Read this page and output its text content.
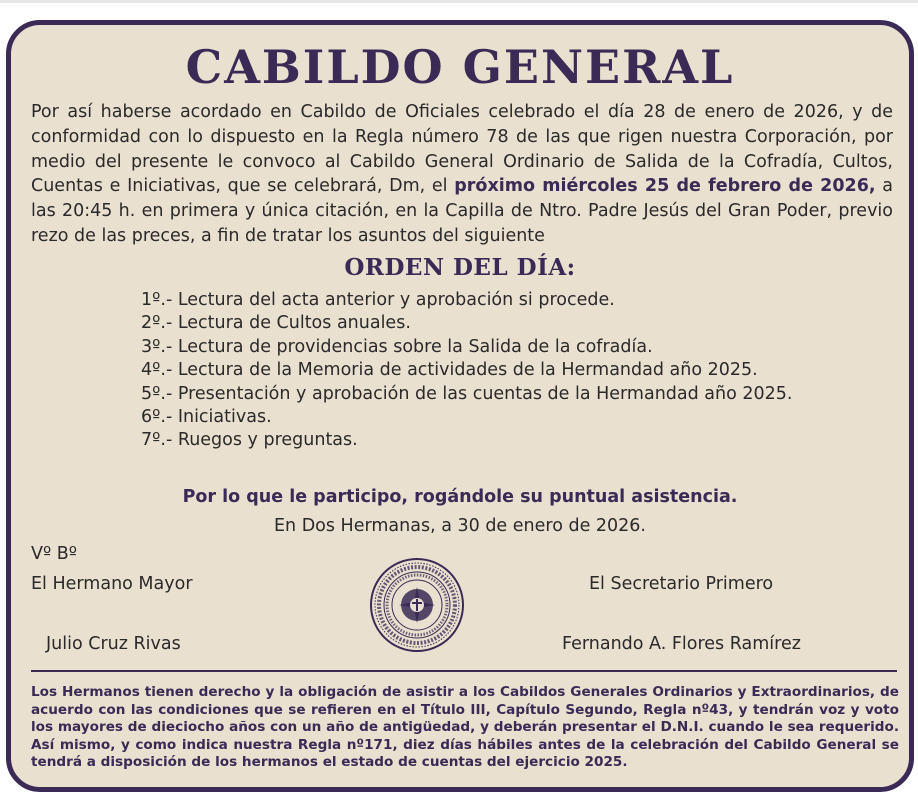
CABILDO GENERAL

Por así haberse acordado en Cabildo de Oficiales celebrado el día 28 de enero de 2026, y de conformidad con lo dispuesto en la Regla número 78 de las que rigen nuestra Corporación, por medio del presente le convoco al Cabildo General Ordinario de Salida de la Cofradía, Cultos, Cuentas e Iniciativas, que se celebrará, Dm, el próximo miércoles 25 de febrero de 2026, a las 20:45 h. en primera y única citación, en la Capilla de Ntro. Padre Jesús del Gran Poder, previo rezo de las preces, a fin de tratar los asuntos del siguiente

ORDEN DEL DÍA:
1º.- Lectura del acta anterior y aprobación si procede.
2º.- Lectura de Cultos anuales.
3º.- Lectura de providencias sobre la Salida de la cofradía.
4º.- Lectura de la Memoria de actividades de la Hermandad año 2025.
5º.- Presentación y aprobación de las cuentas de la Hermandad año 2025.
6º.- Iniciativas.
7º.- Ruegos y preguntas.

Por lo que le participo, rogándole su puntual asistencia.

En Dos Hermanas, a 30 de enero de 2026.

Vº Bº
El Hermano Mayor	El Secretario Primero
Julio Cruz Rivas	Fernando A. Flores Ramírez

Los Hermanos tienen derecho y la obligación de asistir a los Cabildos Generales Ordinarios y Extraordinarios, de acuerdo con las condiciones que se refieren en el Título III, Capítulo Segundo, Regla nº43, y tendrán voz y voto los mayores de dieciocho años con un año de antigüedad, y deberán presentar el D.N.I. cuando le sea requerido. Así mismo, y como indica nuestra Regla nº171, diez días hábiles antes de la celebración del Cabildo General se tendrá a disposición de los hermanos el estado de cuentas del ejercicio 2025.
